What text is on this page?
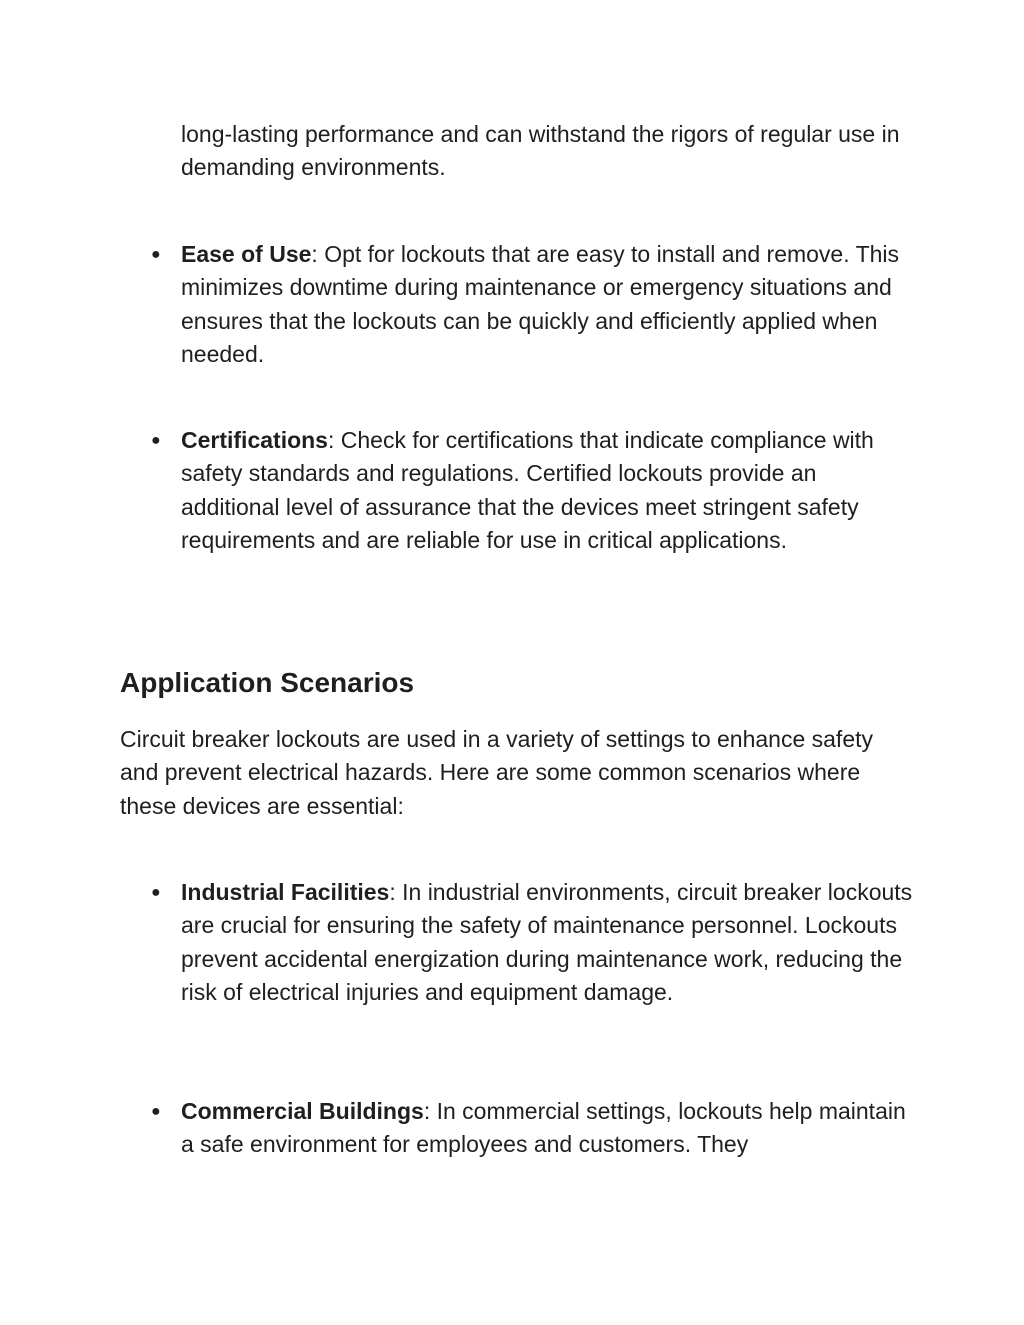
long-lasting performance and can withstand the rigors of regular use in demanding environments.

● Ease of Use: Opt for lockouts that are easy to install and remove. This minimizes downtime during maintenance or emergency situations and ensures that the lockouts can be quickly and efficiently applied when needed.

● Certifications: Check for certifications that indicate compliance with safety standards and regulations. Certified lockouts provide an additional level of assurance that the devices meet stringent safety requirements and are reliable for use in critical applications.

Application Scenarios

Circuit breaker lockouts are used in a variety of settings to enhance safety and prevent electrical hazards. Here are some common scenarios where these devices are essential:

● Industrial Facilities: In industrial environments, circuit breaker lockouts are crucial for ensuring the safety of maintenance personnel. Lockouts prevent accidental energization during maintenance work, reducing the risk of electrical injuries and equipment damage.

● Commercial Buildings: In commercial settings, lockouts help maintain a safe environment for employees and customers. They
